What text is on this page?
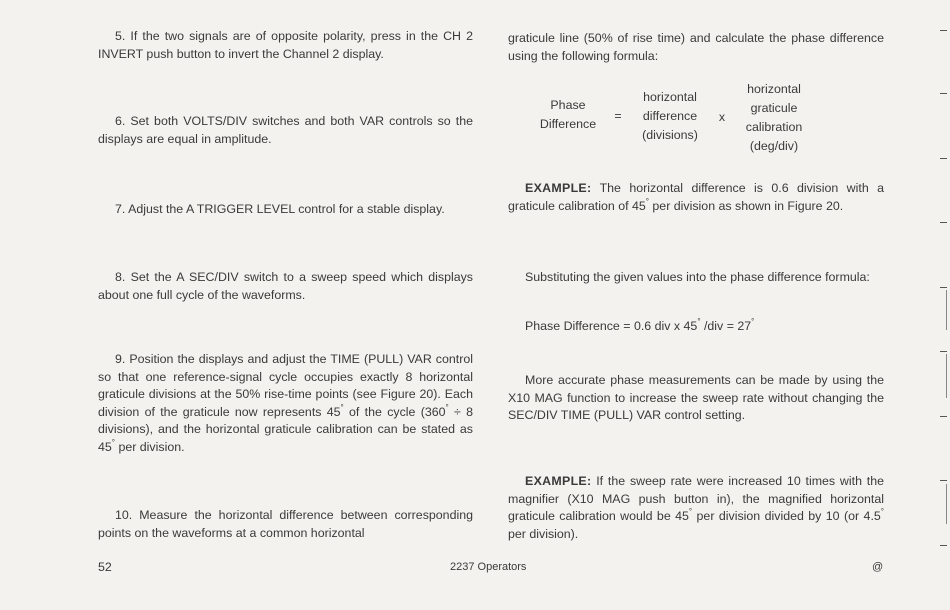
5. If the two signals are of opposite polarity, press in the CH 2 INVERT push button to invert the Channel 2 display.

6. Set both VOLTS/DIV switches and both VAR controls so the displays are equal in amplitude.

7. Adjust the A TRIGGER LEVEL control for a stable display.

8. Set the A SEC/DIV switch to a sweep speed which displays about one full cycle of the waveforms.

9. Position the displays and adjust the TIME (PULL) VAR control so that one reference-signal cycle occupies exactly 8 horizontal graticule divisions at the 50% rise-time points (see Figure 20). Each division of the graticule now represents 45° of the cycle (360° ÷ 8 divisions), and the horizontal graticule calibration can be stated as 45° per division.

10. Measure the horizontal difference between corresponding points on the waveforms at a common horizontal

graticule line (50% of rise time) and calculate the phase difference using the following formula:

Phase
Difference
=
horizontal
difference
(divisions)
x
horizontal
graticule
calibration
(deg/div)

EXAMPLE: The horizontal difference is 0.6 division with a graticule calibration of 45° per division as shown in Figure 20.

Substituting the given values into the phase difference formula:

Phase Difference = 0.6 div x 45° /div = 27°

More accurate phase measurements can be made by using the X10 MAG function to increase the sweep rate without changing the SEC/DIV TIME (PULL) VAR control setting.

EXAMPLE: If the sweep rate were increased 10 times with the magnifier (X10 MAG push button in), the magnified horizontal graticule calibration would be 45° per division divided by 10 (or 4.5° per division).

52	2237 Operators	@
